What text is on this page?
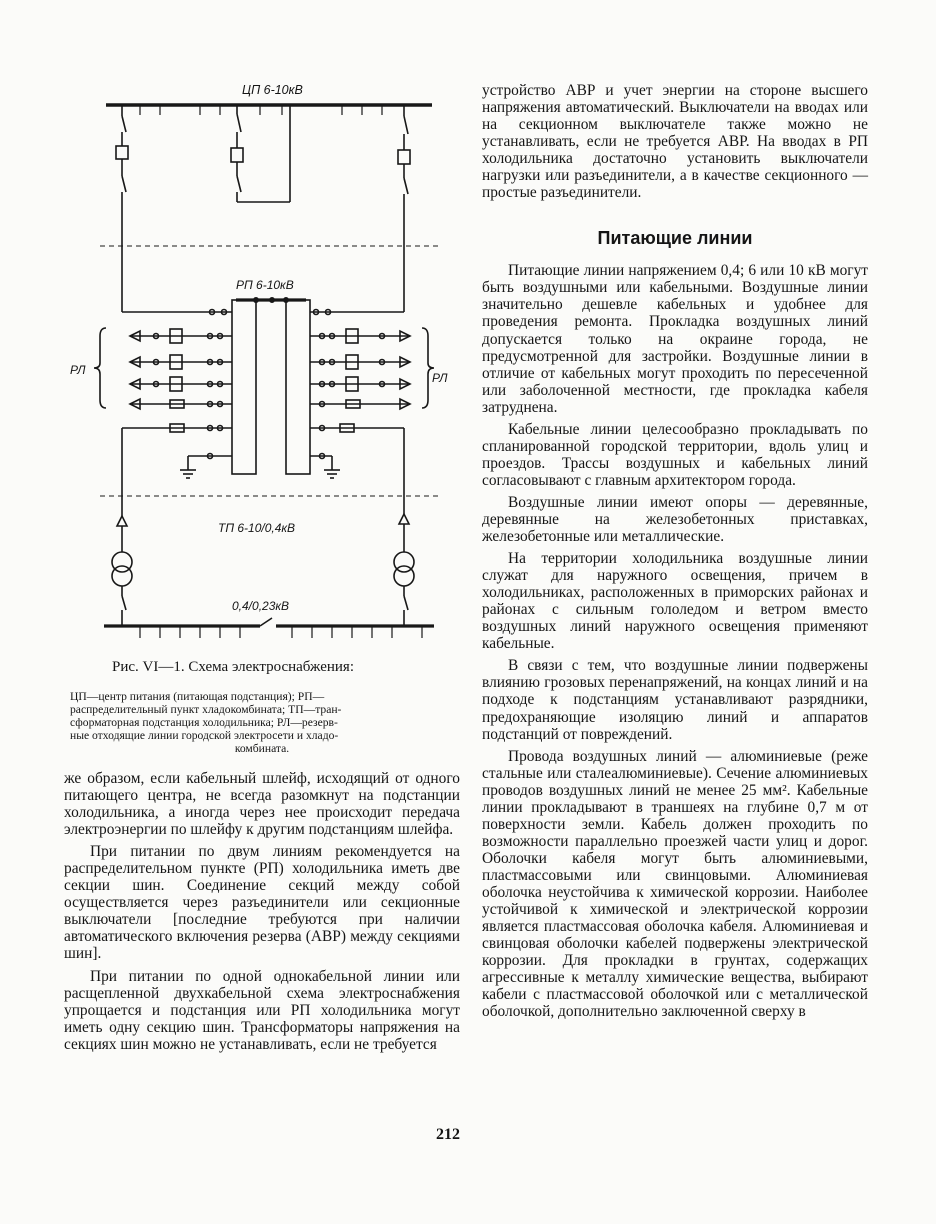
ЦП 6-10кВ
РП 6-10кВ
РЛ
РЛ
ТП 6-10/0,4кВ
0,4/0,23кВ
Рис. VI—1. Схема электроснабжения:
ЦП—центр питания (питающая подстанция); РП—
распределительный пункт хладокомбината; ТП—тран-
сформаторная подстанция холодильника; РЛ—резерв-
ные отходящие линии городской электросети и хладо-
комбината.

же образом, если кабельный шлейф, исходящий от одного питающего центра, не всегда разомкнут на подстанции холодильника, а иногда через нее происходит передача электроэнергии по шлейфу к другим подстанциям шлейфа.

При питании по двум линиям рекомендуется на распределительном пункте (РП) холодильника иметь две секции шин. Соединение секций между собой осуществляется через разъединители или секционные выключатели [последние требуются при наличии автоматического включения резерва (АВР) между секциями шин].

При питании по одной однокабельной линии или расщепленной двухкабельной схема электроснабжения упрощается и подстанция или РП холодильника могут иметь одну секцию шин. Трансформаторы напряжения на секциях шин можно не устанавливать, если не требуется

устройство АВР и учет энергии на стороне высшего напряжения автоматический. Выключатели на вводах или на секционном выключателе также можно не устанавливать, если не требуется АВР. На вводах в РП холодильника достаточно установить выключатели нагрузки или разъединители, а в качестве секционного — простые разъединители.

Питающие линии

Питающие линии напряжением 0,4; 6 или 10 кВ могут быть воздушными или кабельными. Воздушные линии значительно дешевле кабельных и удобнее для проведения ремонта. Прокладка воздушных линий допускается только на окраине города, не предусмотренной для застройки. Воздушные линии в отличие от кабельных могут проходить по пересеченной или заболоченной местности, где прокладка кабеля затруднена.

Кабельные линии целесообразно прокладывать по спланированной городской территории, вдоль улиц и проездов. Трассы воздушных и кабельных линий согласовывают с главным архитектором города.

Воздушные линии имеют опоры — деревянные, деревянные на железобетонных приставках, железобетонные или металлические.

На территории холодильника воздушные линии служат для наружного освещения, причем в холодильниках, расположенных в приморских районах и районах с сильным гололедом и ветром вместо воздушных линий наружного освещения применяют кабельные.

В связи с тем, что воздушные линии подвержены влиянию грозовых перенапряжений, на концах линий и на подходе к подстанциям устанавливают разрядники, предохраняющие изоляцию линий и аппаратов подстанций от повреждений.

Провода воздушных линий — алюминиевые (реже стальные или сталеалюминиевые). Сечение алюминиевых проводов воздушных линий не менее 25 мм². Кабельные линии прокладывают в траншеях на глубине 0,7 м от поверхности земли. Кабель должен проходить по возможности параллельно проезжей части улиц и дорог. Оболочки кабеля могут быть алюминиевыми, пластмассовыми или свинцовыми. Алюминиевая оболочка неустойчива к химической коррозии. Наиболее устойчивой к химической и электрической коррозии является пластмассовая оболочка кабеля. Алюминиевая и свинцовая оболочки кабелей подвержены электрической коррозии. Для прокладки в грунтах, содержащих агрессивные к металлу химические вещества, выбирают кабели с пластмассовой оболочкой или с металлической оболочкой, дополнительно заключенной сверху в

212
